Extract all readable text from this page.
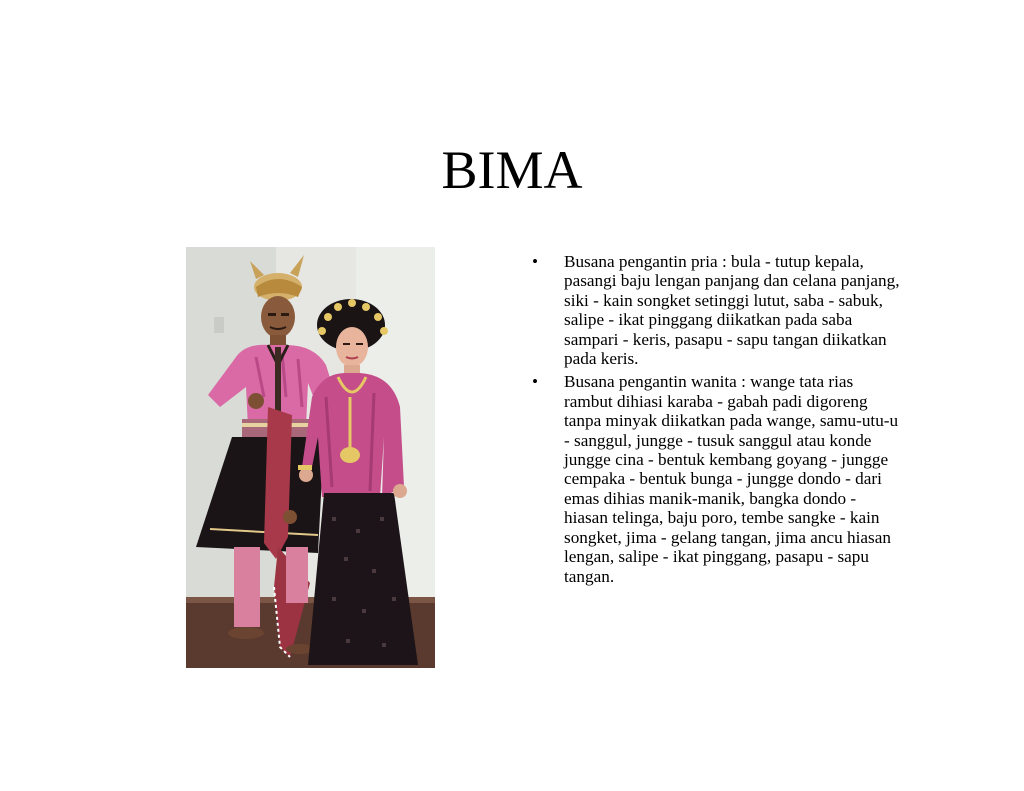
BIMA
• Busana pengantin pria : bula - tutup kepala, pasangi baju lengan panjang dan celana panjang, siki - kain songket setinggi lutut, saba - sabuk, salipe - ikat pinggang diikatkan pada saba sampari - keris, pasapu - sapu tangan diikatkan pada keris.
• Busana pengantin wanita : wange tata rias rambut dihiasi karaba - gabah padi digoreng tanpa minyak diikatkan pada wange, samu-utu-u - sanggul, jungge - tusuk sanggul atau konde jungge cina - bentuk kembang goyang - jungge cempaka - bentuk bunga - jungge dondo - dari emas dihias manik-manik, bangka dondo - hiasan telinga, baju poro, tembe sangke - kain songket, jima - gelang tangan, jima ancu hiasan lengan, salipe - ikat pinggang, pasapu - sapu tangan.
